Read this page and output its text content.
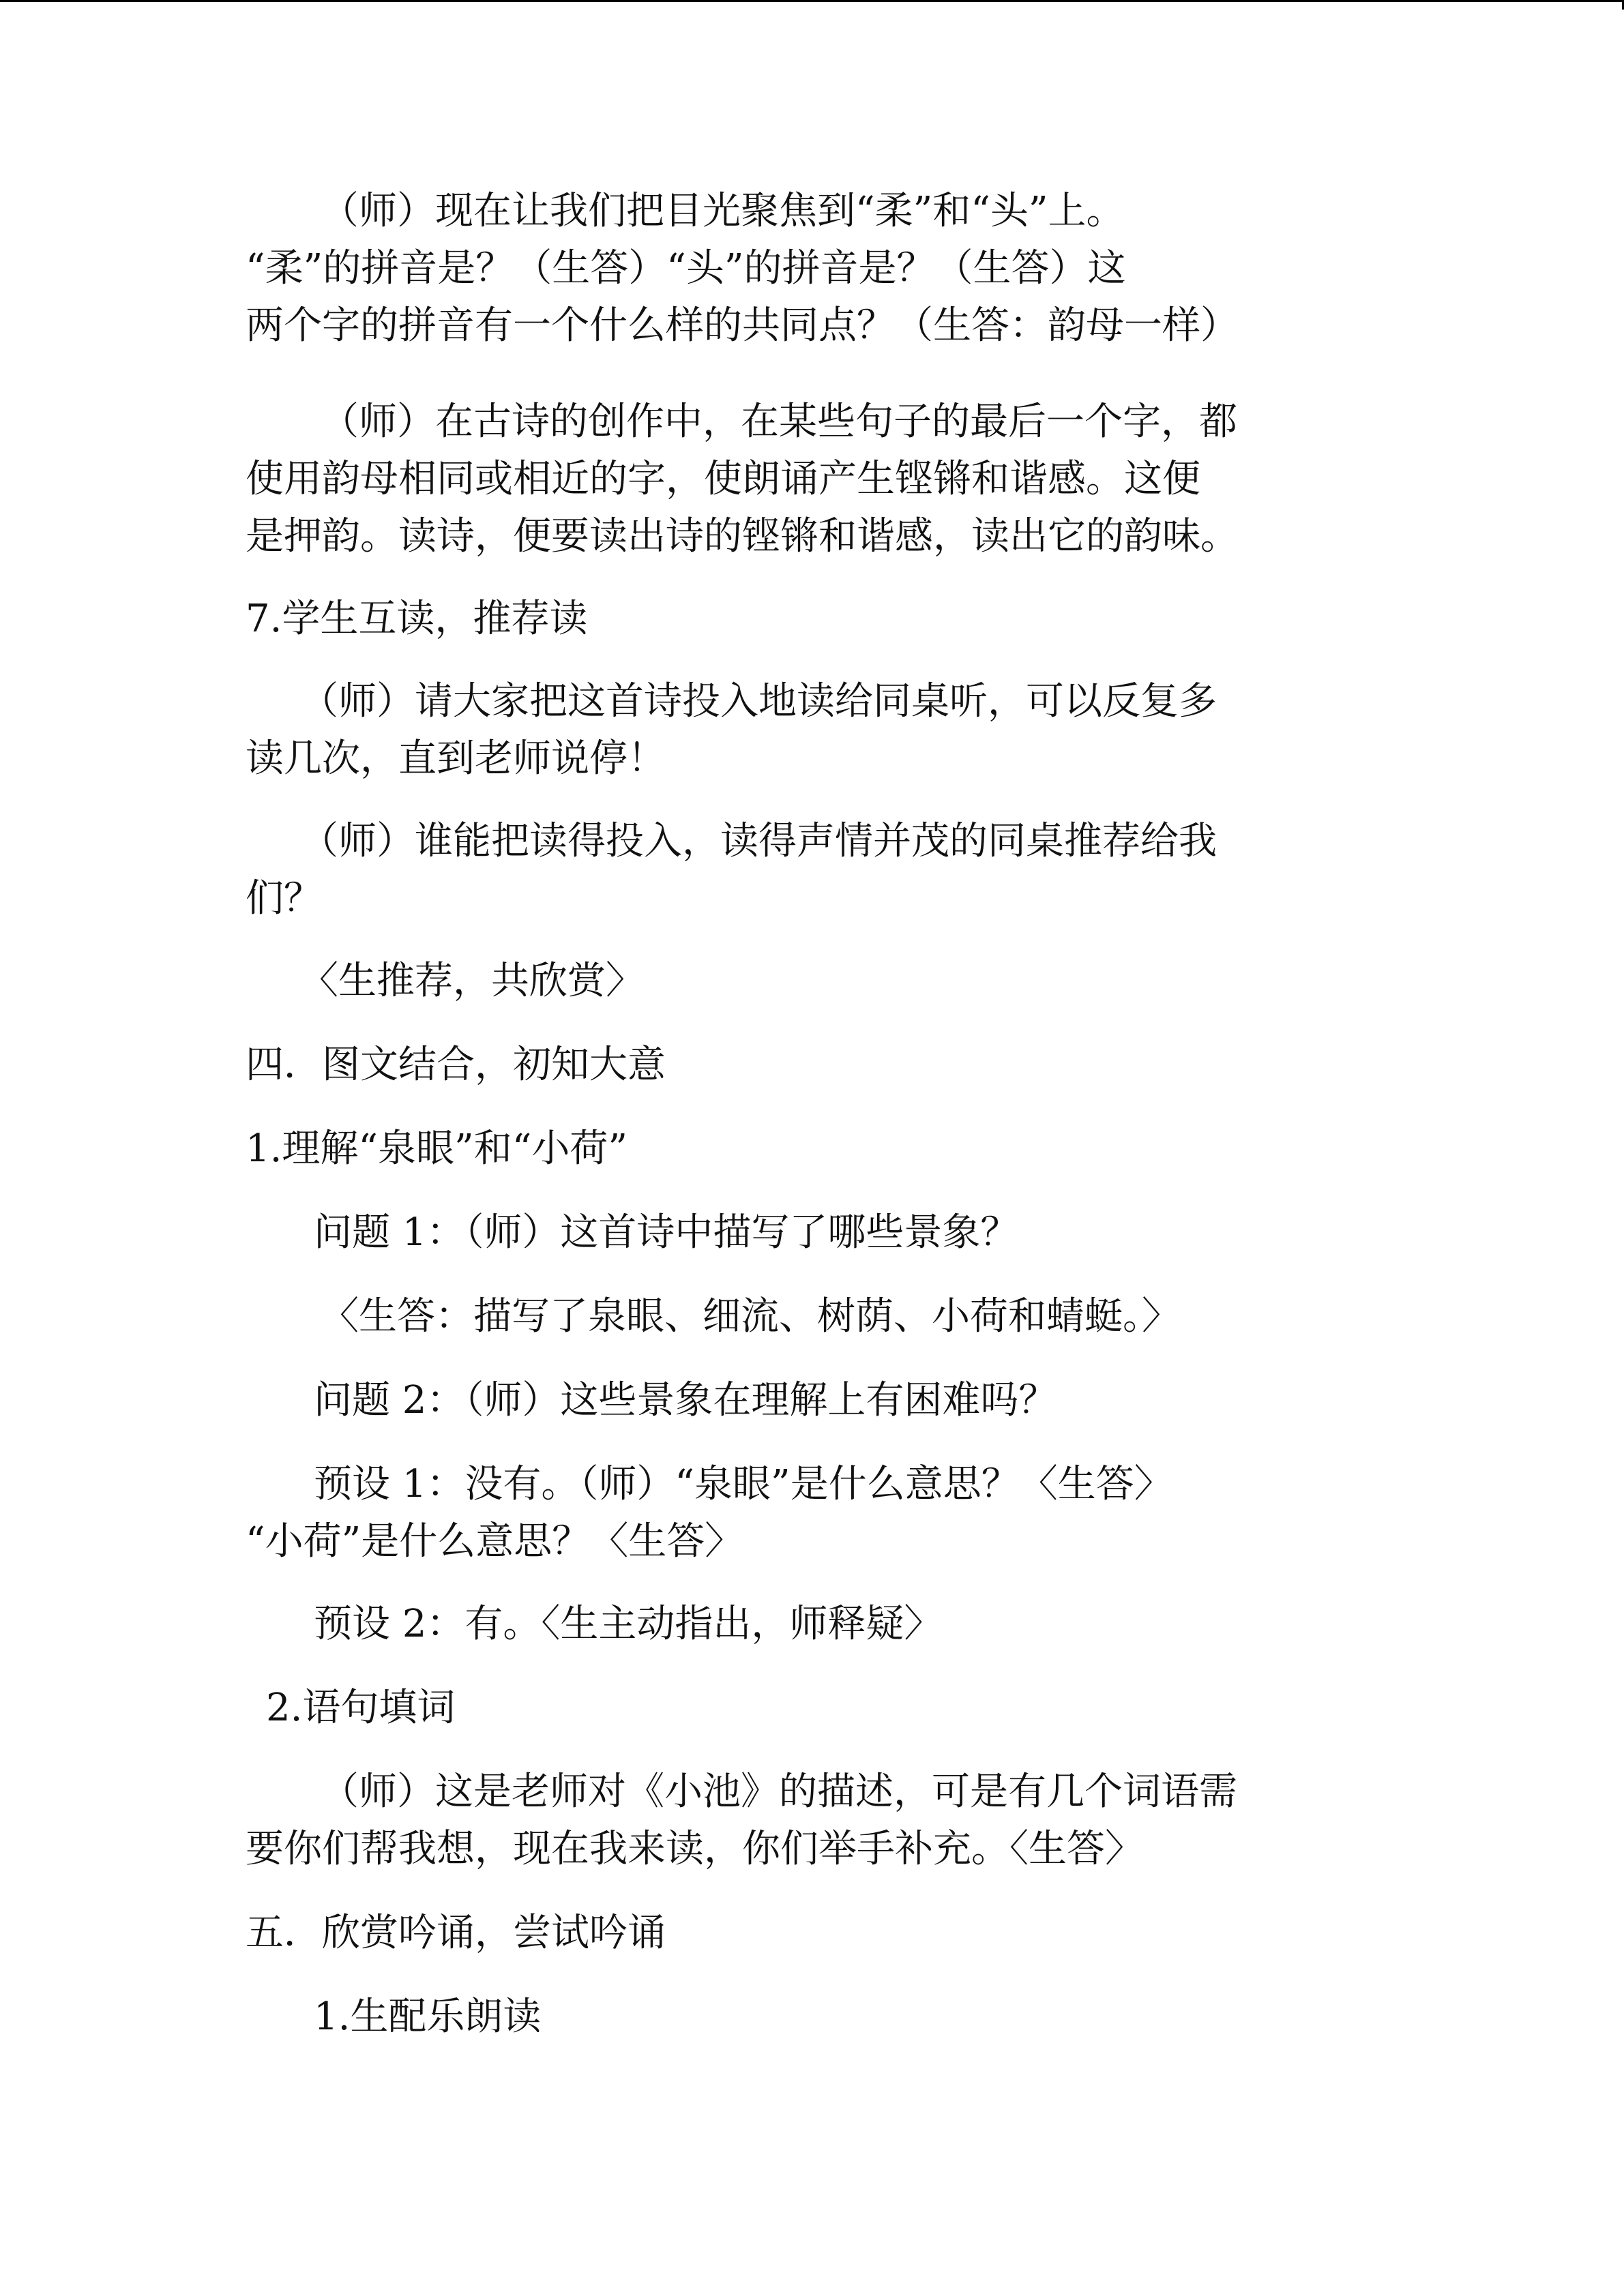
（师）现在让我们把目光聚焦到“柔”和“头”上。
“柔”的拼音是？（生答）“头”的拼音是？（生答）这
两个字的拼音有一个什么样的共同点？（生答：韵母一样）
（师）在古诗的创作中，在某些句子的最后一个字，都
使用韵母相同或相近的字，使朗诵产生铿锵和谐感。这便
是押韵。读诗，便要读出诗的铿锵和谐感，读出它的韵味。
7.学生互读，推荐读
（师）请大家把这首诗投入地读给同桌听，可以反复多
读几次，直到老师说停！
（师）谁能把读得投入，读得声情并茂的同桌推荐给我
们？
〈生推荐，共欣赏〉
四．图文结合，初知大意
1.理解“泉眼”和“小荷”
问题 1：（师）这首诗中描写了哪些景象？
〈生答：描写了泉眼、细流、树荫、小荷和蜻蜓。〉
问题 2：（师）这些景象在理解上有困难吗？
预设 1：没有。（师）“泉眼”是什么意思？〈生答〉
“小荷”是什么意思？〈生答〉
预设 2：有。〈生主动指出，师释疑〉
2.语句填词
（师）这是老师对《小池》的描述，可是有几个词语需
要你们帮我想，现在我来读，你们举手补充。〈生答〉
五．欣赏吟诵，尝试吟诵
1.生配乐朗读
